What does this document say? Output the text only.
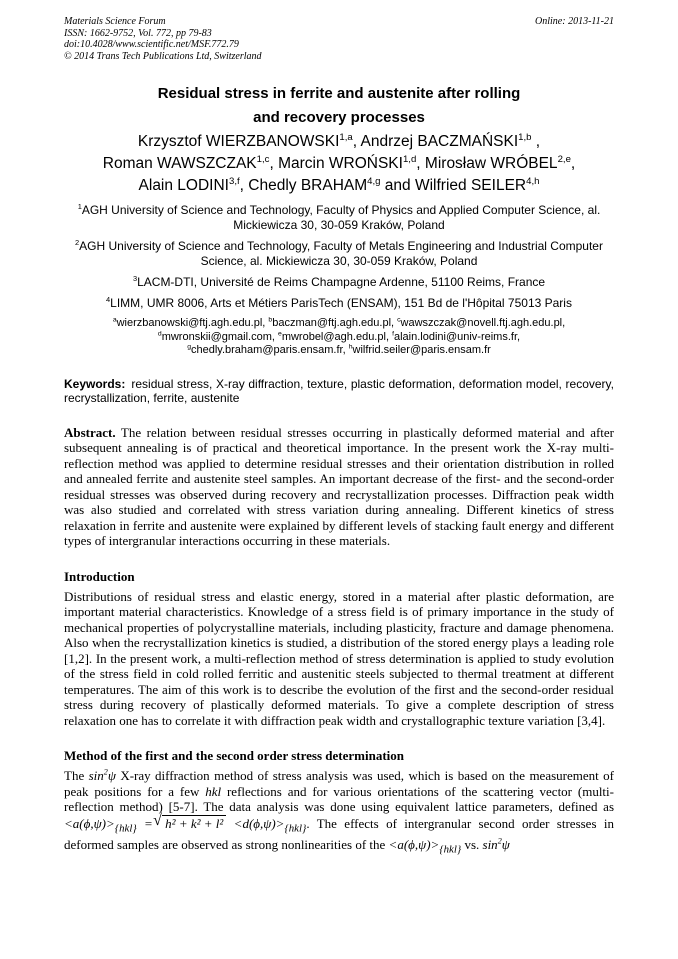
Materials Science Forum	Online: 2013-11-21
ISSN: 1662-9752, Vol. 772, pp 79-83
doi:10.4028/www.scientific.net/MSF.772.79
© 2014 Trans Tech Publications Ltd, Switzerland
Residual stress in ferrite and austenite after rolling
and recovery processes
Krzysztof WIERZBANOWSKI$^{1,a}$, Andrzej BACZMAŃSKI$^{1,b}$ ,
Roman WAWSZCZAK$^{1,c}$, Marcin WROŃSKI$^{1,d}$, Mirosław WRÓBEL$^{2,e}$,
Alain LODINI$^{3,f}$, Chedly BRAHAM$^{4,g}$ and Wilfried SEILER$^{4,h}$

$^1$AGH University of Science and Technology, Faculty of Physics and Applied Computer Science, al. Mickiewicza 30, 30-059 Kraków, Poland

$^2$AGH University of Science and Technology, Faculty of Metals Engineering and Industrial Computer Science, al. Mickiewicza 30, 30-059 Kraków, Poland

$^3$LACM-DTI, Université de Reims Champagne Ardenne, 51100 Reims, France

$^4$LIMM, UMR 8006, Arts et Métiers ParisTech (ENSAM), 151 Bd de l'Hôpital 75013 Paris

$^a$wierzbanowski@ftj.agh.edu.pl, $^b$baczman@ftj.agh.edu.pl, $^c$wawszczak@novell.ftj.agh.edu.pl,
$^d$mwronskii@gmail.com, $^e$mwrobel@agh.edu.pl, $^f$alain.lodini@univ-reims.fr,
$^g$chedly.braham@paris.ensam.fr, $^h$wilfrid.seiler@paris.ensam.fr
Keywords: residual stress, X-ray diffraction, texture, plastic deformation, deformation model, recovery, recrystallization, ferrite, austenite

Abstract. The relation between residual stresses occurring in plastically deformed material and after subsequent annealing is of practical and theoretical importance. In the present work the X-ray multi-reflection method was applied to determine residual stresses and their orientation distribution in rolled and annealed ferrite and austenite steel samples. An important decrease of the first- and the second-order residual stresses was observed during recovery and recrystallization processes. Diffraction peak width was also studied and correlated with stress variation during annealing. Different kinetics of stress relaxation in ferrite and austenite were explained by different levels of stacking fault energy and different types of intergranular interactions occurring in these materials.

Introduction

Distributions of residual stress and elastic energy, stored in a material after plastic deformation, are important material characteristics. Knowledge of a stress field is of primary importance in the study of mechanical properties of polycrystalline materials, including plasticity, fracture and damage phenomena. Also when the recrystallization kinetics is studied, a distribution of the stored energy plays a leading role [1,2]. In the present work, a multi-reflection method of stress determination is applied to study evolution of the stress field in cold rolled ferritic and austenitic steels subjected to thermal treatment at different temperatures. The aim of this work is to describe the evolution of the first and the second-order residual stress during recovery of plastically deformed materials. To give a complete description of stress relaxation one has to correlate it with diffraction peak width and crystallographic texture variation [3,4].

Method of the first and the second order stress determination

The $\sin^2\psi$ X-ray diffraction method of stress analysis was used, which is based on the measurement of peak positions for a few hkl reflections and for various orientations of the scattering vector (multi-reflection method) [5-7]. The data analysis was done using equivalent lattice parameters, defined as $<a(\phi,\psi)>_{\{hkl\}}$ = √ $h^2 + k^2 + l^2 <d(\phi,\psi)>_{\{hkl\}}$. The effects of intergranular second order stresses in deformed samples are observed as strong nonlinearities of the $<a(\phi,\psi)>_{\{hkl\}}$ vs. $\sin^2\psi$
